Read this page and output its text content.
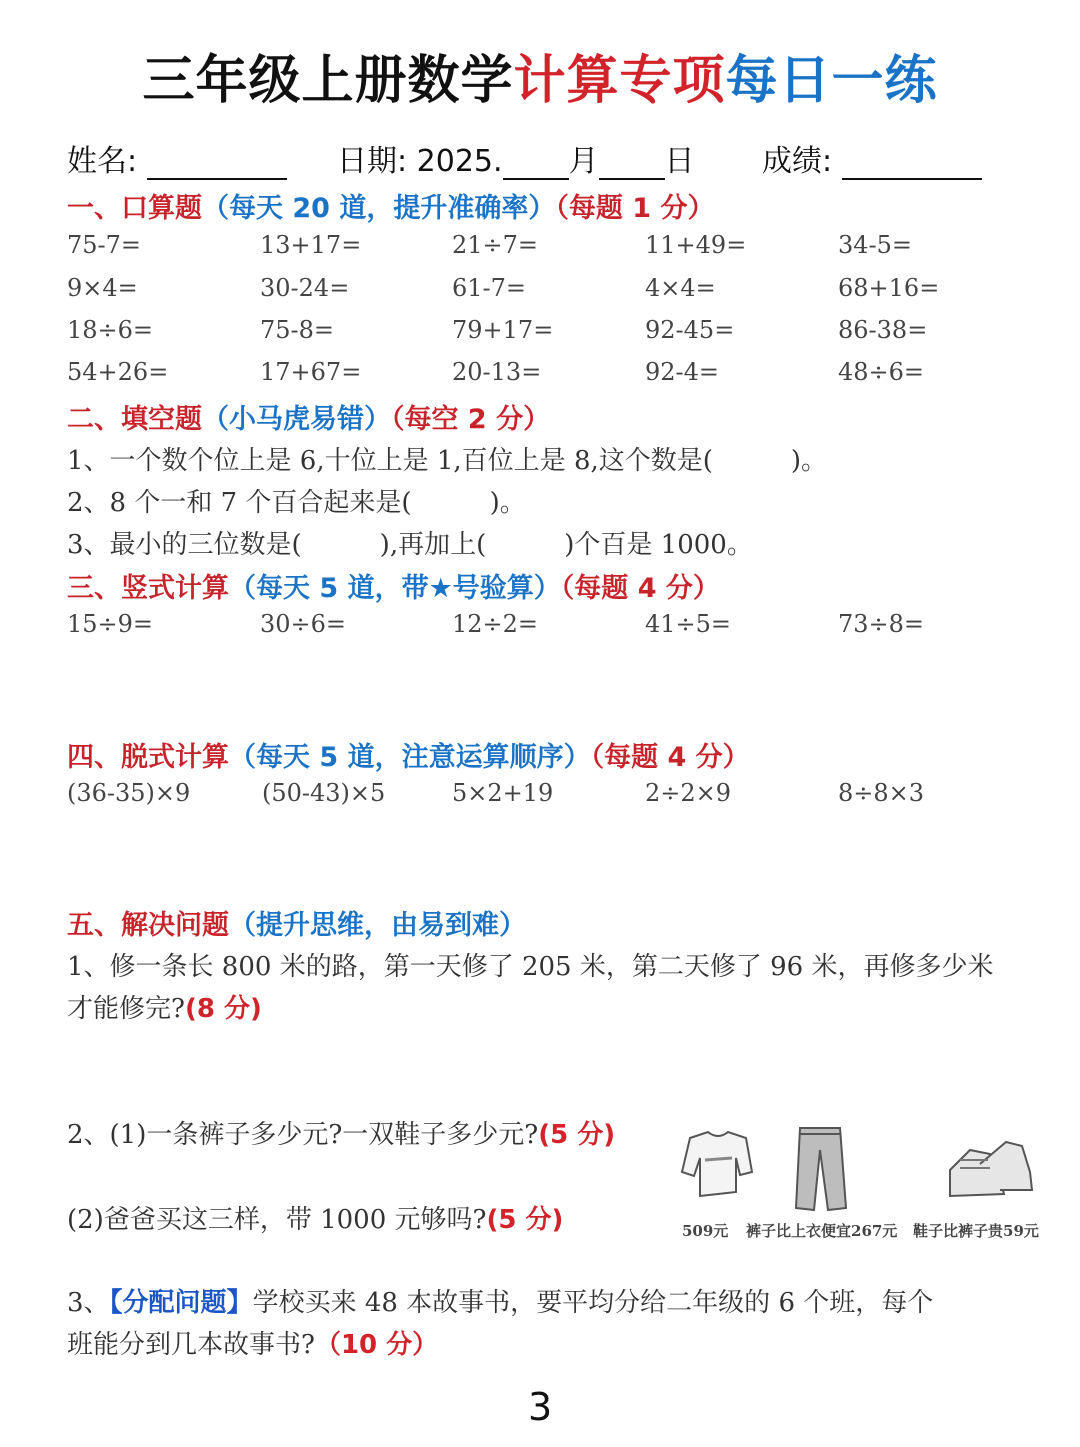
三年级上册数学计算专项每日一练
姓名:	日期: 2025. 月 日 成绩:
一、口算题（每天 20 道，提升准确率）（每题 1 分）
75-7=	13+17=	21÷7=	11+49=	34-5=
9×4=	30-24=	61-7=	4×4=	68+16=
18÷6=	75-8=	79+17=	92-45=	86-38=
54+26=	17+67=	20-13=	92-4=	48÷6=
二、填空题（小马虎易错）（每空 2 分）
1、一个数个位上是 6,十位上是 1,百位上是 8,这个数是(　　　)。
2、8 个一和 7 个百合起来是(　　　)。
3、最小的三位数是(　　　),再加上(　　　)个百是 1000。
三、竖式计算（每天 5 道，带★号验算）（每题 4 分）
15÷9=	30÷6=	12÷2=	41÷5=	73÷8=
四、脱式计算（每天 5 道，注意运算顺序）（每题 4 分）
(36-35)×9	(50-43)×5	5×2+19	2÷2×9	8÷8×3
五、解决问题（提升思维，由易到难）
1、修一条长 800 米的路，第一天修了 205 米，第二天修了 96 米，再修多少米
才能修完?(8 分)
2、(1)一条裤子多少元?一双鞋子多少元?(5 分)
(2)爸爸买这三样，带 1000 元够吗?(5 分)	509元 裤子比上衣便宜267元 鞋子比裤子贵59元
3、【分配问题】学校买来 48 本故事书，要平均分给二年级的 6 个班，每个
班能分到几本故事书?（10 分）
3
